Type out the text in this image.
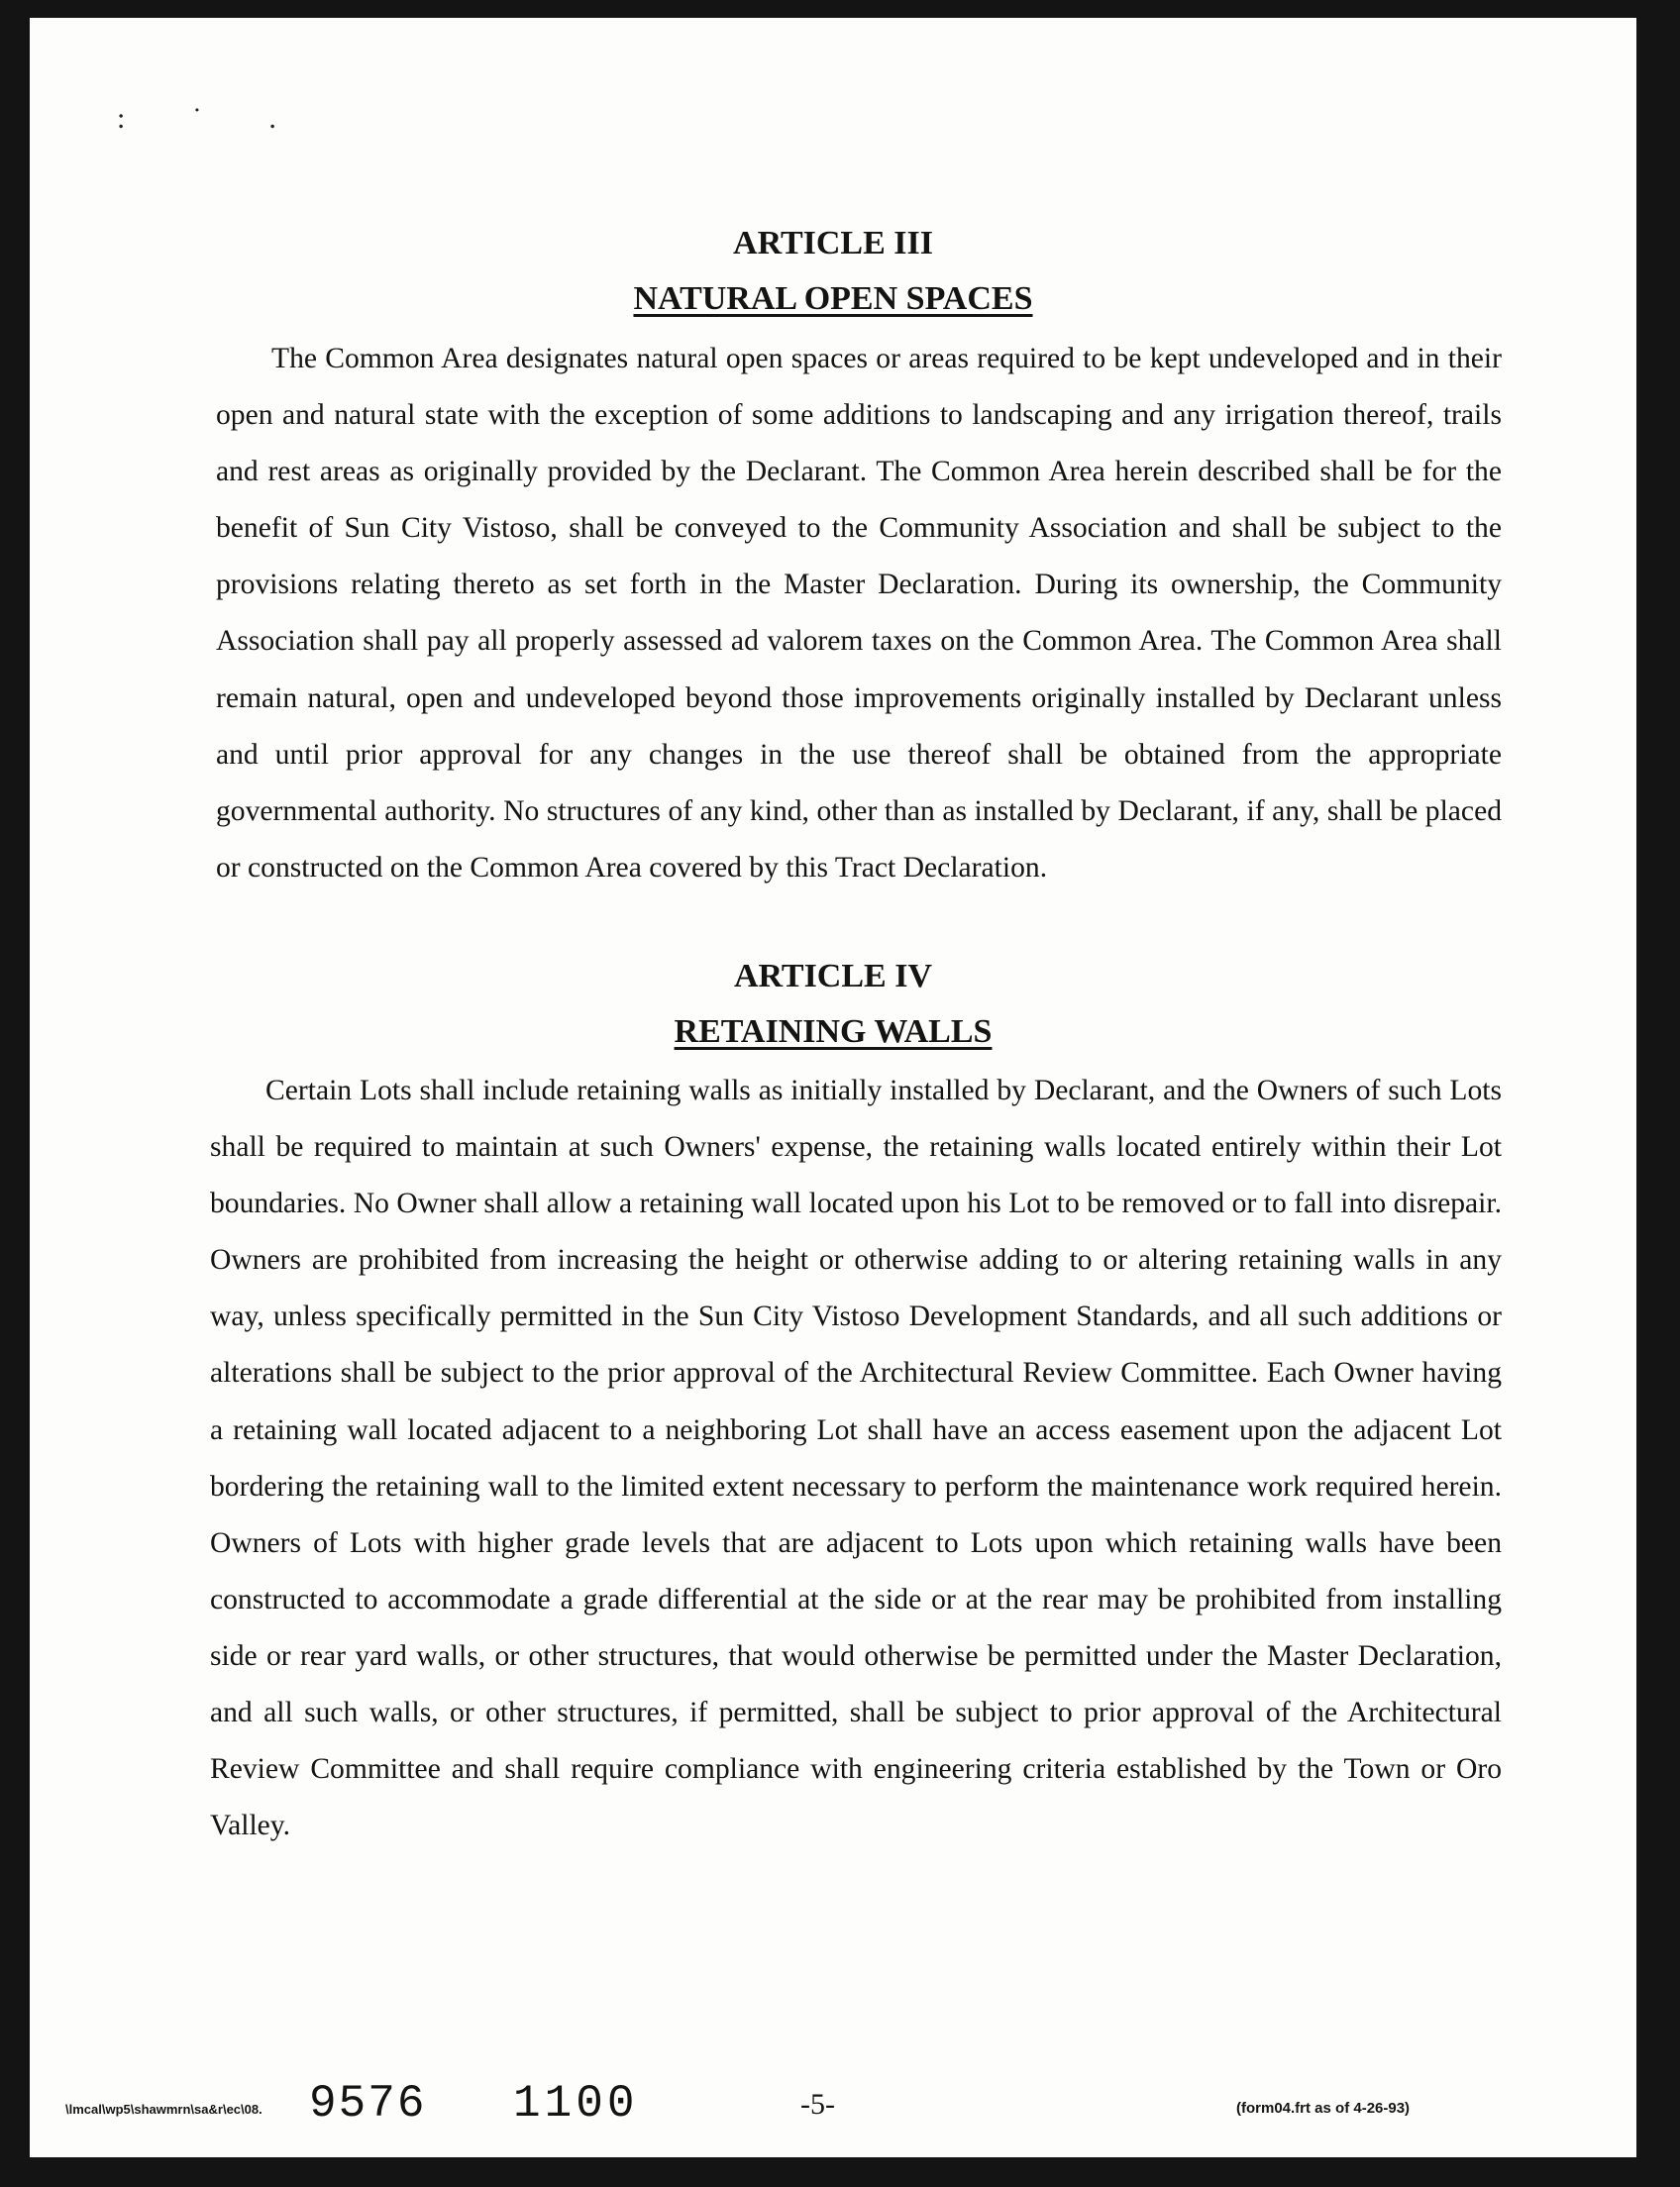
: ˙ .
ARTICLE III
NATURAL OPEN SPACES

The Common Area designates natural open spaces or areas required to be kept undeveloped and in their open and natural state with the exception of some additions to landscaping and any irrigation thereof, trails and rest areas as originally provided by the Declarant. The Common Area herein described shall be for the benefit of Sun City Vistoso, shall be conveyed to the Community Association and shall be subject to the provisions relating thereto as set forth in the Master Declaration. During its ownership, the Community Association shall pay all properly assessed ad valorem taxes on the Common Area. The Common Area shall remain natural, open and undeveloped beyond those improvements originally installed by Declarant unless and until prior approval for any changes in the use thereof shall be obtained from the appropriate governmental authority. No structures of any kind, other than as installed by Declarant, if any, shall be placed or constructed on the Common Area covered by this Tract Declaration.

ARTICLE IV
RETAINING WALLS

Certain Lots shall include retaining walls as initially installed by Declarant, and the Owners of such Lots shall be required to maintain at such Owners' expense, the retaining walls located entirely within their Lot boundaries. No Owner shall allow a retaining wall located upon his Lot to be removed or to fall into disrepair. Owners are prohibited from increasing the height or otherwise adding to or altering retaining walls in any way, unless specifically permitted in the Sun City Vistoso Development Standards, and all such additions or alterations shall be subject to the prior approval of the Architectural Review Committee. Each Owner having a retaining wall located adjacent to a neighboring Lot shall have an access easement upon the adjacent Lot bordering the retaining wall to the limited extent necessary to perform the maintenance work required herein. Owners of Lots with higher grade levels that are adjacent to Lots upon which retaining walls have been constructed to accommodate a grade differential at the side or at the rear may be prohibited from installing side or rear yard walls, or other structures, that would otherwise be permitted under the Master Declaration, and all such walls, or other structures, if permitted, shall be subject to prior approval of the Architectural Review Committee and shall require compliance with engineering criteria established by the Town or Oro Valley.

\lmcal\wp5\shawmrn\sa&r\ec\08. 9576 1100	-5-	(form04.frt as of 4-26-93)
